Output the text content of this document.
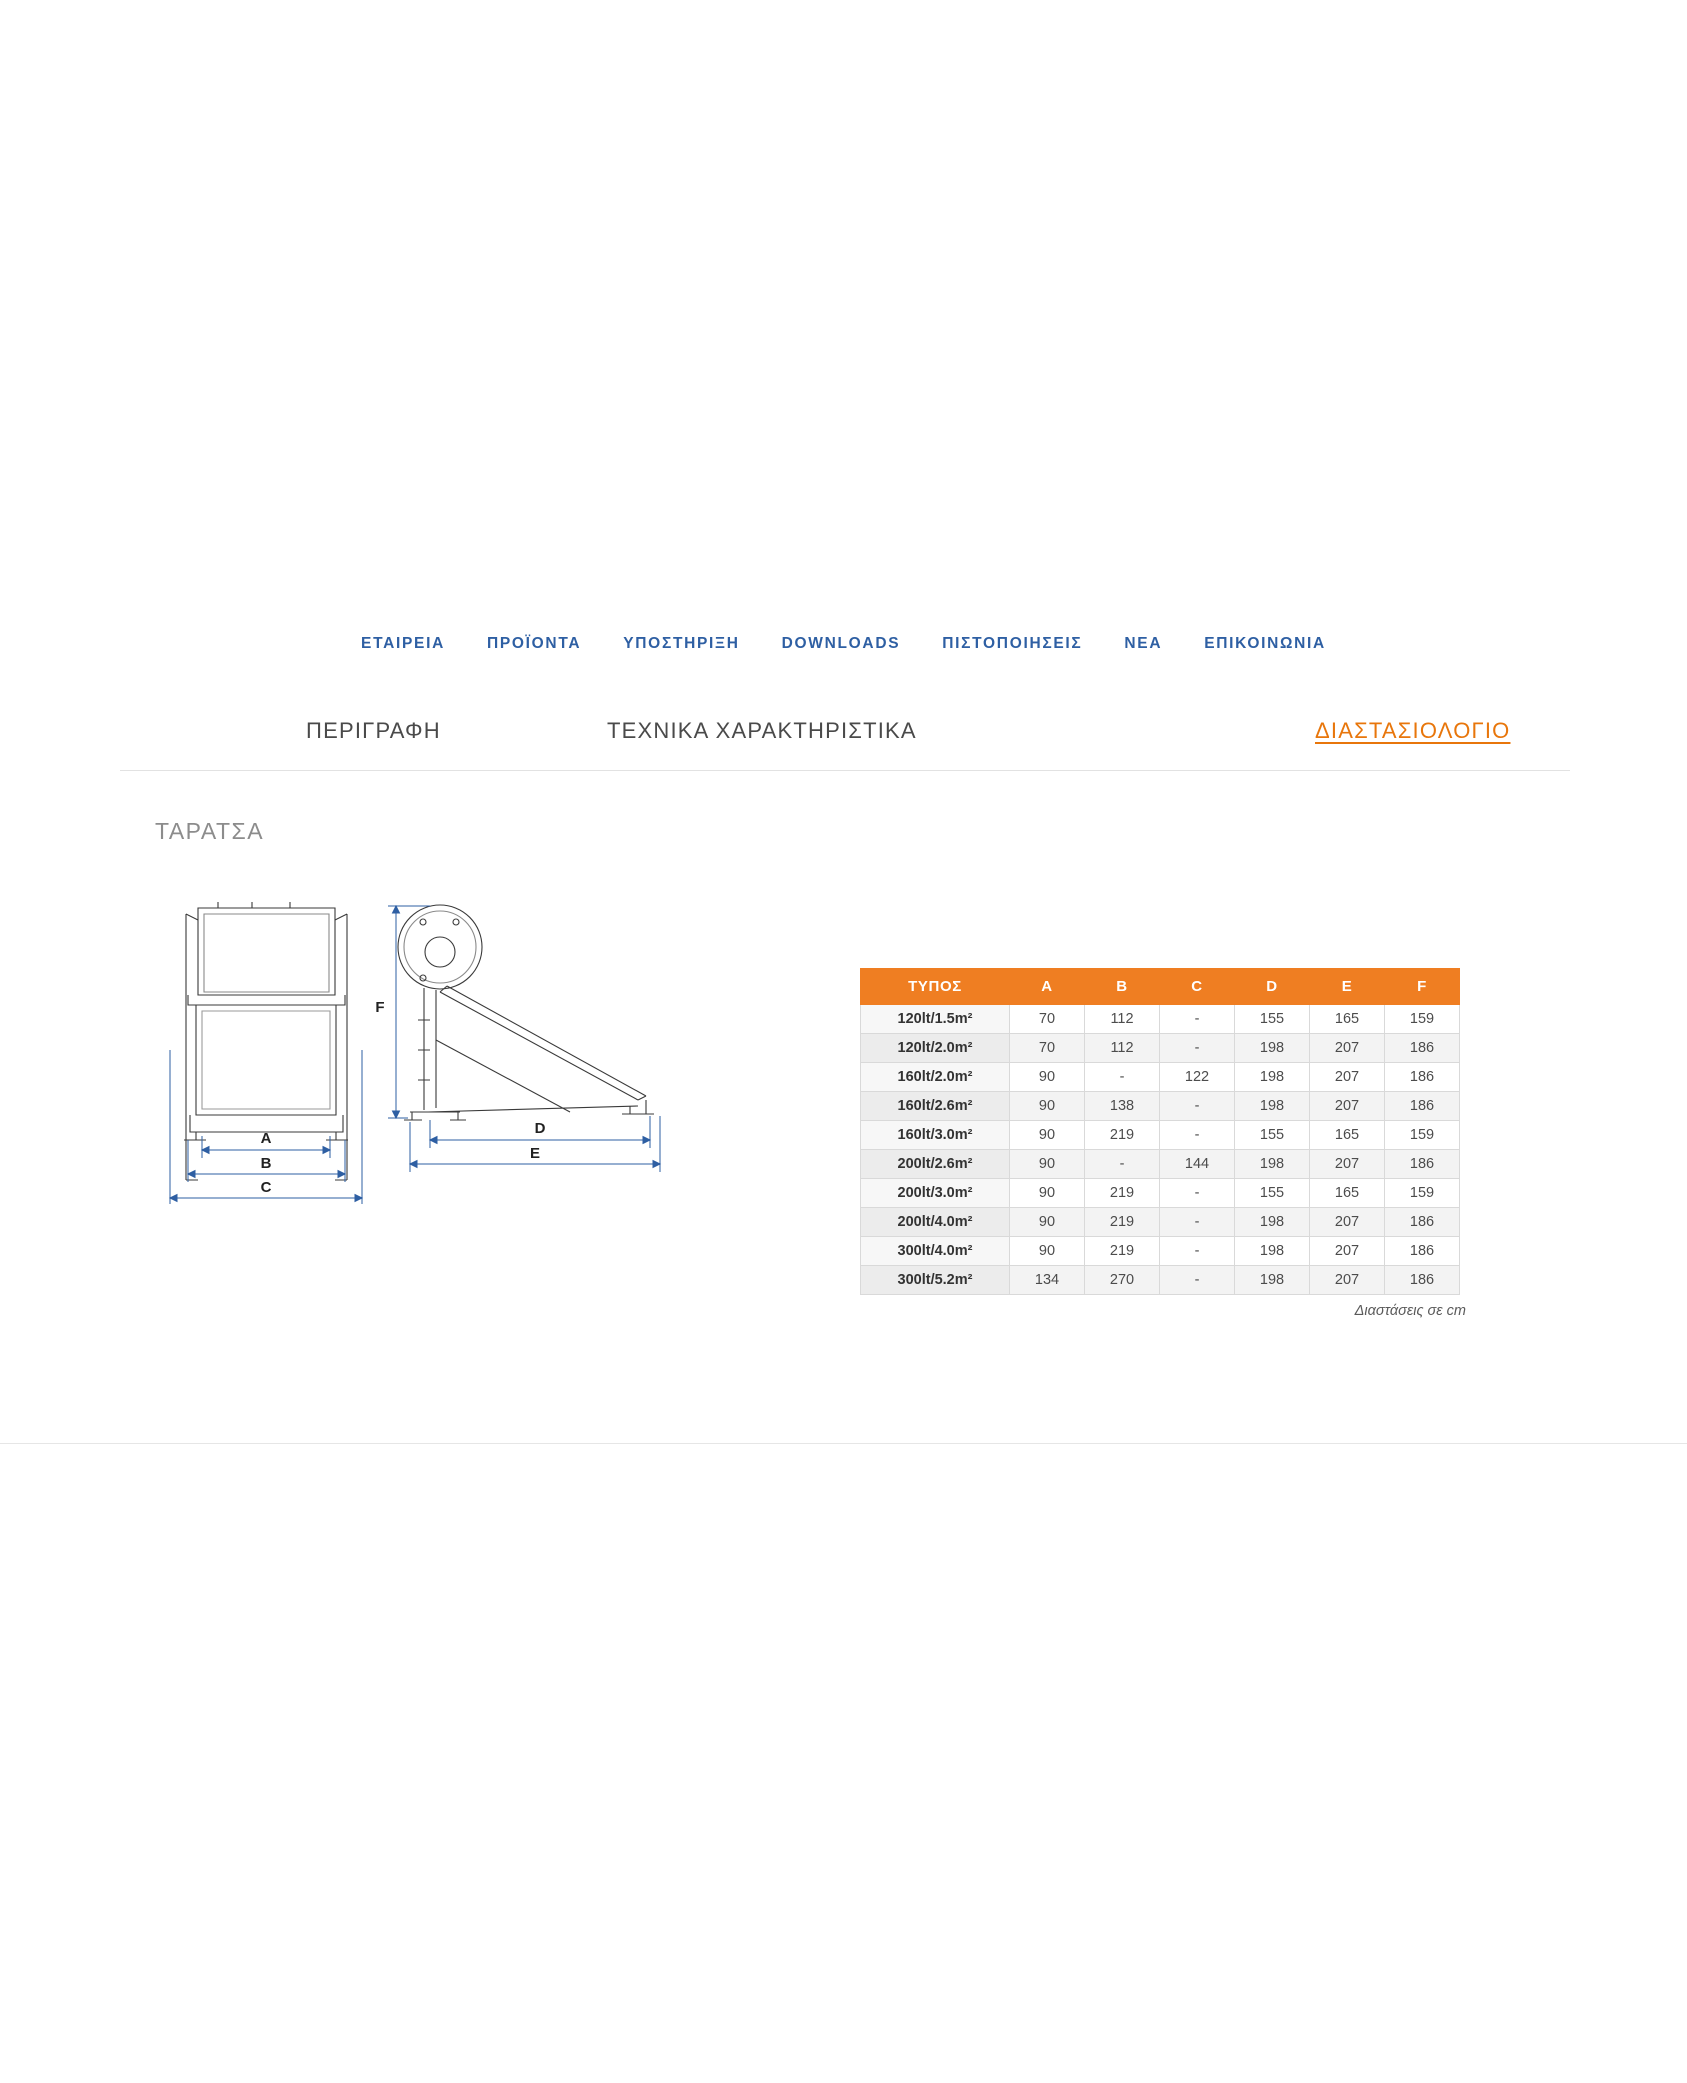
ΕΤΑΙΡΕΙΑ	ΠΡΟΪΟΝΤΑ	ΥΠΟΣΤΗΡΙΞΗ	DOWNLOADS	ΠΙΣΤΟΠΟΙΗΣΕΙΣ	ΝΕΑ	ΕΠΙΚΟΙΝΩΝΙΑ
ΠΕΡΙΓΡΑΦΗ	ΤΕΧΝΙΚΑ ΧΑΡΑΚΤΗΡΙΣΤΙΚΑ	ΔΙΑΣΤΑΣΙΟΛΟΓΙΟ
ΤΑΡΑΤΣΑ
A
B
C
F
D
E
ΤΥΠΟΣ	A	B	C	D	E	F
120lt/1.5m²	70	112	-	155	165	159
120lt/2.0m²	70	112	-	198	207	186
160lt/2.0m²	90	-	122	198	207	186
160lt/2.6m²	90	138	-	198	207	186
160lt/3.0m²	90	219	-	155	165	159
200lt/2.6m²	90	-	144	198	207	186
200lt/3.0m²	90	219	-	155	165	159
200lt/4.0m²	90	219	-	198	207	186
300lt/4.0m²	90	219	-	198	207	186
300lt/5.2m²	134	270	-	198	207	186
Διαστάσεις σε cm
